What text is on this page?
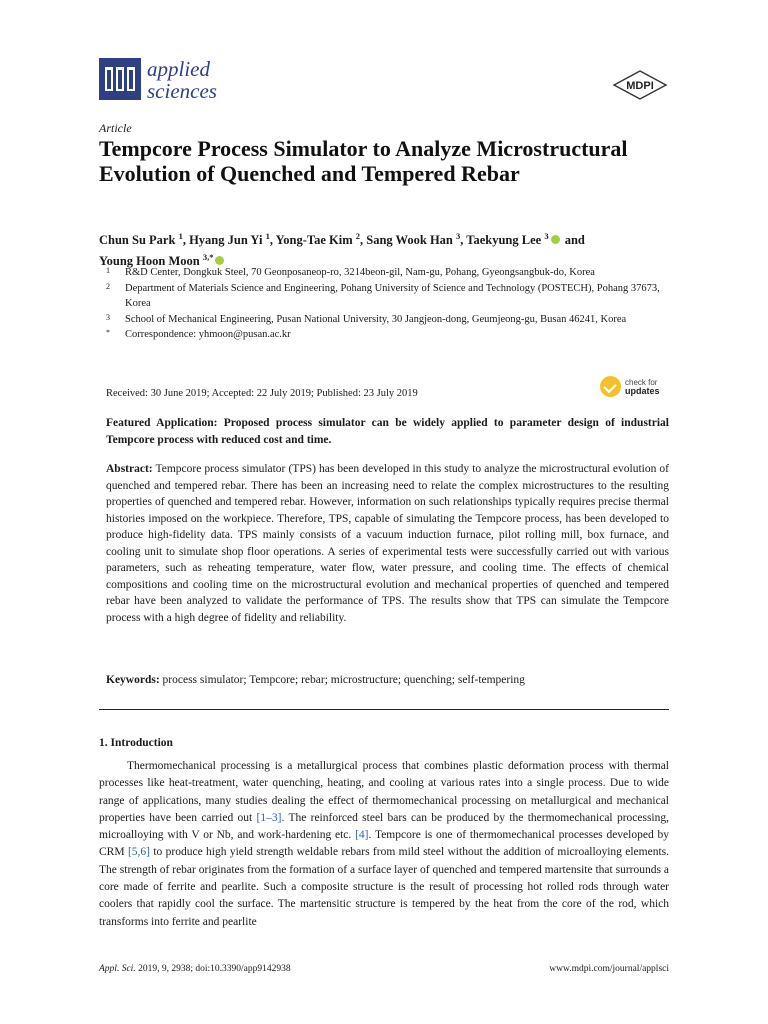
applied
sciences	MDPI
Article
Tempcore Process Simulator to Analyze Microstructural Evolution of Quenched and Tempered Rebar
Chun Su Park $^1$, Hyang Jun Yi $^1$, Yong-Tae Kim $^2$, Sang Wook Han $^3$, Taekyung Lee $^3$ and
Young Hoon Moon $^{3,*}$
1 R&D Center, Dongkuk Steel, 70 Geonposaneop-ro, 3214beon-gil, Nam-gu, Pohang, Gyeongsangbuk-do, Korea
2 Department of Materials Science and Engineering, Pohang University of Science and Technology (POSTECH), Pohang 37673, Korea
3 School of Mechanical Engineering, Pusan National University, 30 Jangjeon-dong, Geumjeong-gu, Busan 46241, Korea
* Correspondence: yhmoon@pusan.ac.kr
Received: 30 June 2019; Accepted: 22 July 2019; Published: 23 July 2019
check for
updates
Featured Application: Proposed process simulator can be widely applied to parameter design of industrial Tempcore process with reduced cost and time.
Abstract: Tempcore process simulator (TPS) has been developed in this study to analyze the microstructural evolution of quenched and tempered rebar. There has been an increasing need to relate the complex microstructures to the resulting properties of quenched and tempered rebar. However, information on such relationships typically requires precise thermal histories imposed on the workpiece. Therefore, TPS, capable of simulating the Tempcore process, has been developed to produce high-fidelity data. TPS mainly consists of a vacuum induction furnace, pilot rolling mill, box furnace, and cooling unit to simulate shop floor operations. A series of experimental tests were successfully carried out with various parameters, such as reheating temperature, water flow, water pressure, and cooling time. The effects of chemical compositions and cooling time on the microstructural evolution and mechanical properties of quenched and tempered rebar have been analyzed to validate the performance of TPS. The results show that TPS can simulate the Tempcore process with a high degree of fidelity and reliability.
Keywords: process simulator; Tempcore; rebar; microstructure; quenching; self-tempering
1. Introduction
Thermomechanical processing is a metallurgical process that combines plastic deformation process with thermal processes like heat-treatment, water quenching, heating, and cooling at various rates into a single process. Due to wide range of applications, many studies dealing the effect of thermomechanical processing on metallurgical and mechanical properties have been carried out [1–3]. The reinforced steel bars can be produced by the thermomechanical processing, microalloying with V or Nb, and work-hardening etc. [4]. Tempcore is one of thermomechanical processes developed by CRM [5,6] to produce high yield strength weldable rebars from mild steel without the addition of microalloying elements. The strength of rebar originates from the formation of a surface layer of quenched and tempered martensite that surrounds a core made of ferrite and pearlite. Such a composite structure is the result of processing hot rolled rods through water coolers that rapidly cool the surface. The martensitic structure is tempered by the heat from the core of the rod, which transforms into ferrite and pearlite
Appl. Sci. 2019, 9, 2938; doi:10.3390/app9142938	www.mdpi.com/journal/applsci
